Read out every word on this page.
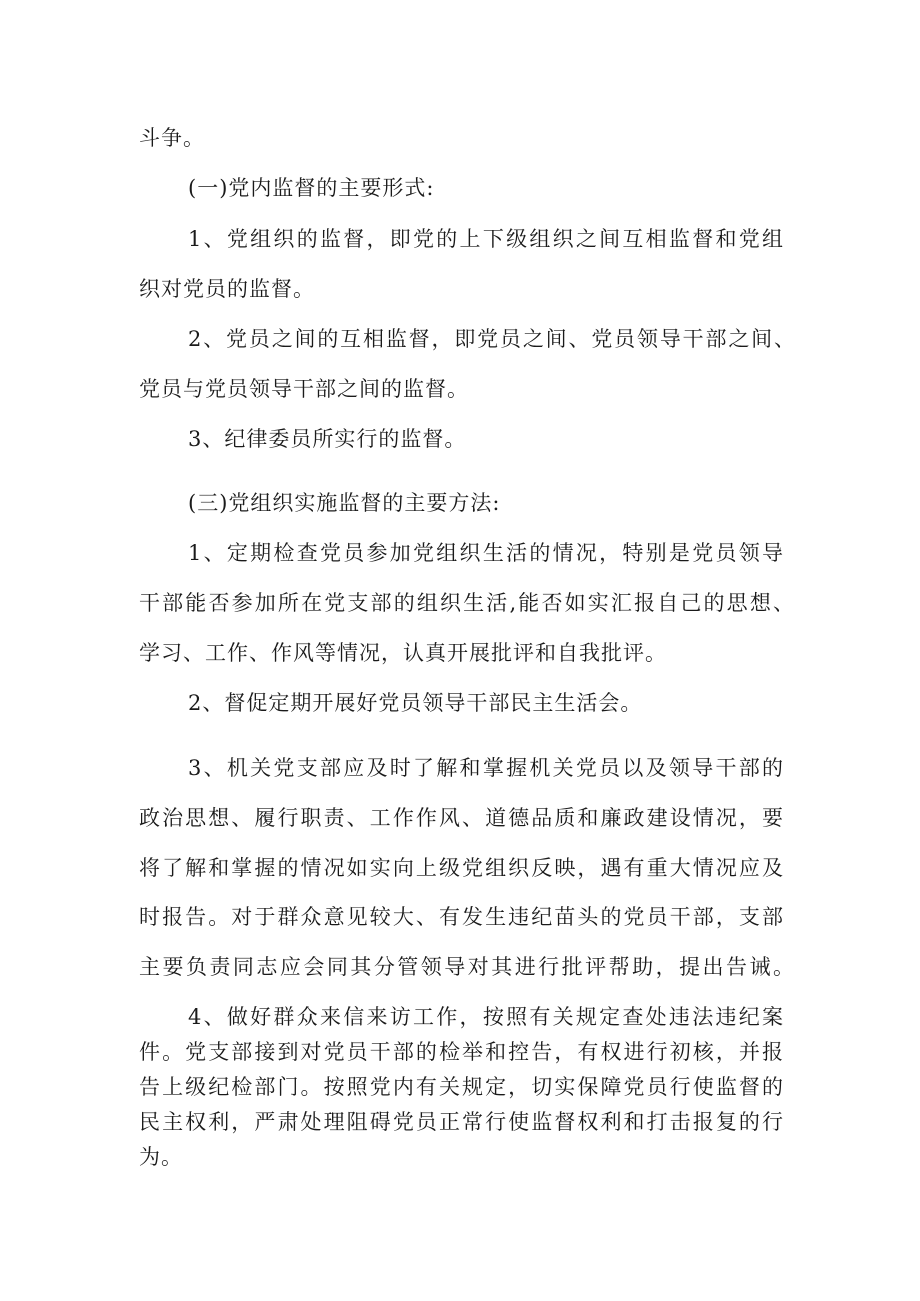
斗争。
(一)党内监督的主要形式:
1、党组织的监督，即党的上下级组织之间互相监督和党组
织对党员的监督。
2、党员之间的互相监督，即党员之间、党员领导干部之间、
党员与党员领导干部之间的监督。
3、纪律委员所实行的监督。
(三)党组织实施监督的主要方法:
1、定期检查党员参加党组织生活的情况，特别是党员领导
干部能否参加所在党支部的组织生活,能否如实汇报自己的思想、
学习、工作、作风等情况，认真开展批评和自我批评。
2、督促定期开展好党员领导干部民主生活会。
3、机关党支部应及时了解和掌握机关党员以及领导干部的
政治思想、履行职责、工作作风、道德品质和廉政建设情况，要
将了解和掌握的情况如实向上级党组织反映，遇有重大情况应及
时报告。对于群众意见较大、有发生违纪苗头的党员干部，支部
主要负责同志应会同其分管领导对其进行批评帮助，提出告诫。
4、做好群众来信来访工作，按照有关规定查处违法违纪案
件。党支部接到对党员干部的检举和控告，有权进行初核，并报
告上级纪检部门。按照党内有关规定，切实保障党员行使监督的
民主权利，严肃处理阻碍党员正常行使监督权利和打击报复的行
为。
